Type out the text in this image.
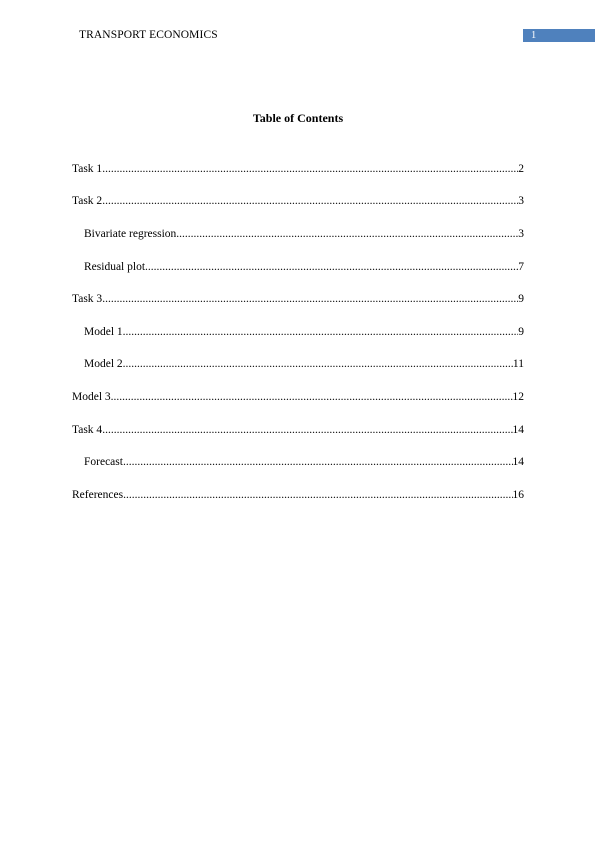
TRANSPORT ECONOMICS	1
Table of Contents
Task 1 .....	2
Task 2 .....	3
Bivariate regression .....	3
Residual plot .....	7
Task 3 .....	9
Model 1 .....	9
Model 2 .....	11
Model 3 .....	12
Task 4 .....	14
Forecast .....	14
References .....	16
